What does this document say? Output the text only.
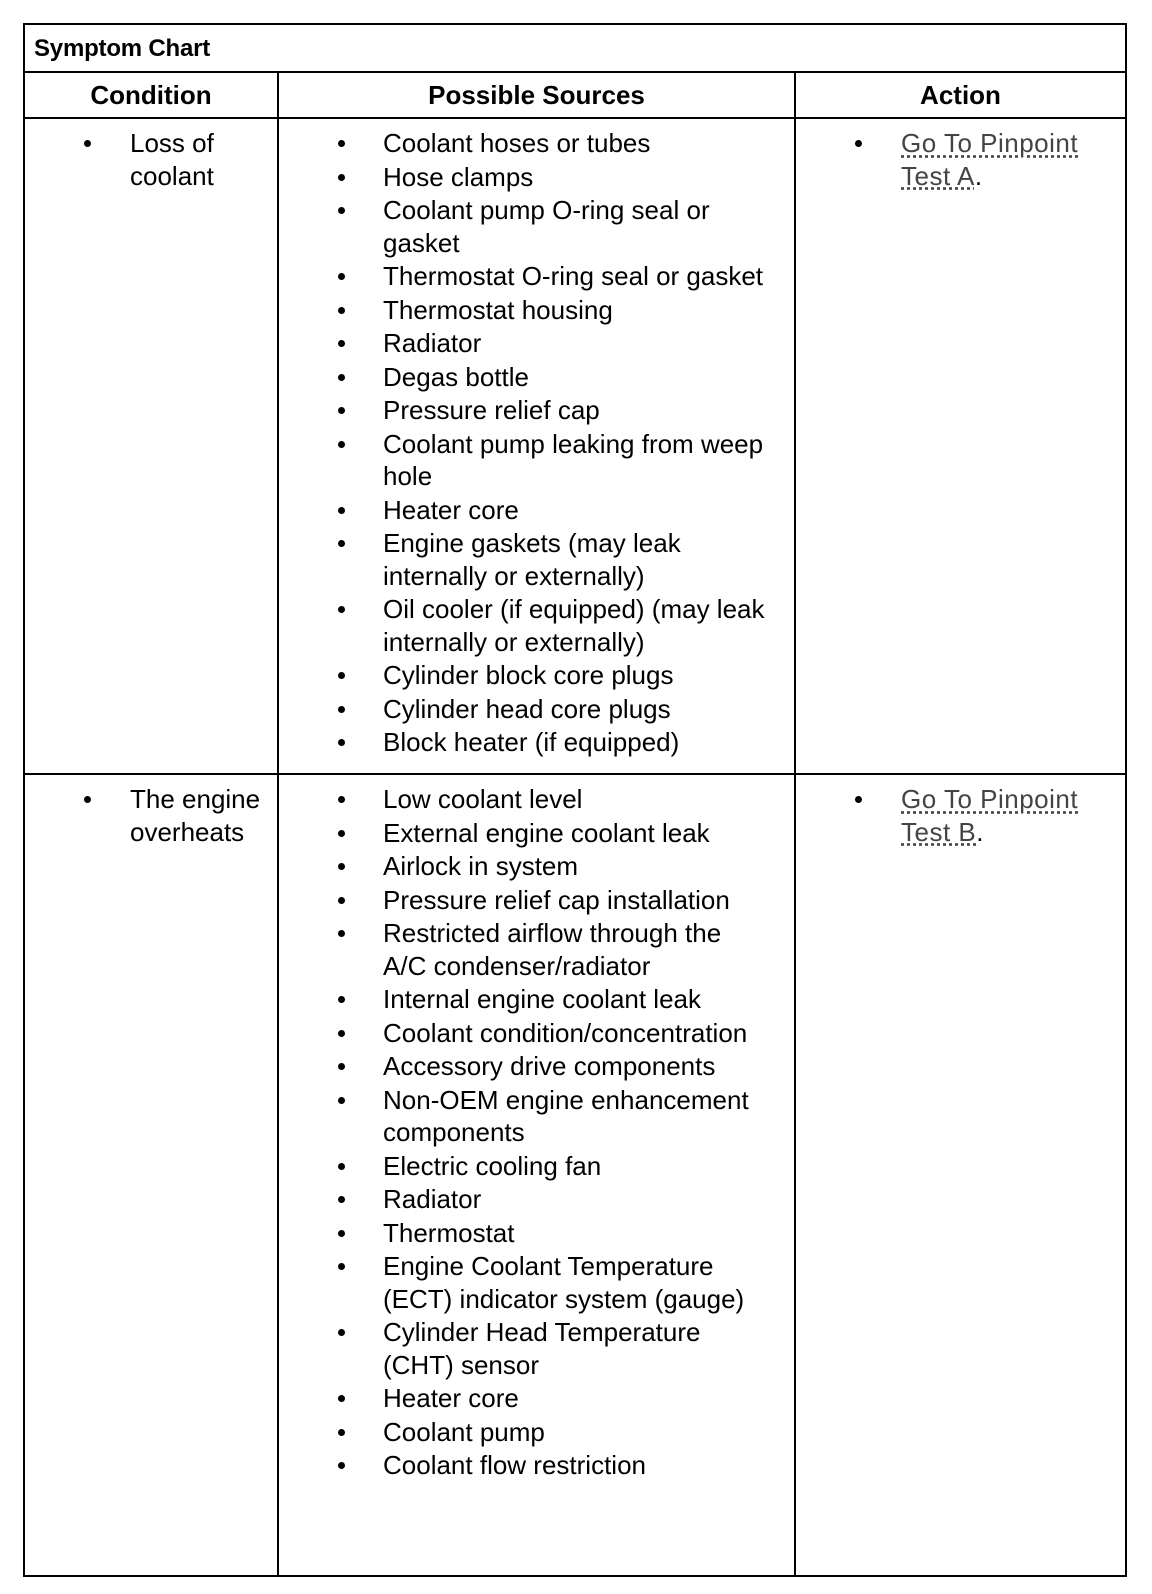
Symptom Chart
Condition	Possible Sources	Action
Loss of
coolant
Coolant hoses or tubes
Hose clamps
Coolant pump O-ring seal or
gasket
Thermostat O-ring seal or gasket
Thermostat housing
Radiator
Degas bottle
Pressure relief cap
Coolant pump leaking from weep
hole
Heater core
Engine gaskets (may leak
internally or externally)
Oil cooler (if equipped) (may leak
internally or externally)
Cylinder block core plugs
Cylinder head core plugs
Block heater (if equipped)
Go To Pinpoint
Test A.
The engine
overheats
Low coolant level
External engine coolant leak
Airlock in system
Pressure relief cap installation
Restricted airflow through the
A/C condenser/radiator
Internal engine coolant leak
Coolant condition/concentration
Accessory drive components
Non-OEM engine enhancement
components
Electric cooling fan
Radiator
Thermostat
Engine Coolant Temperature
(ECT) indicator system (gauge)
Cylinder Head Temperature
(CHT) sensor
Heater core
Coolant pump
Coolant flow restriction
Go To Pinpoint
Test B.
